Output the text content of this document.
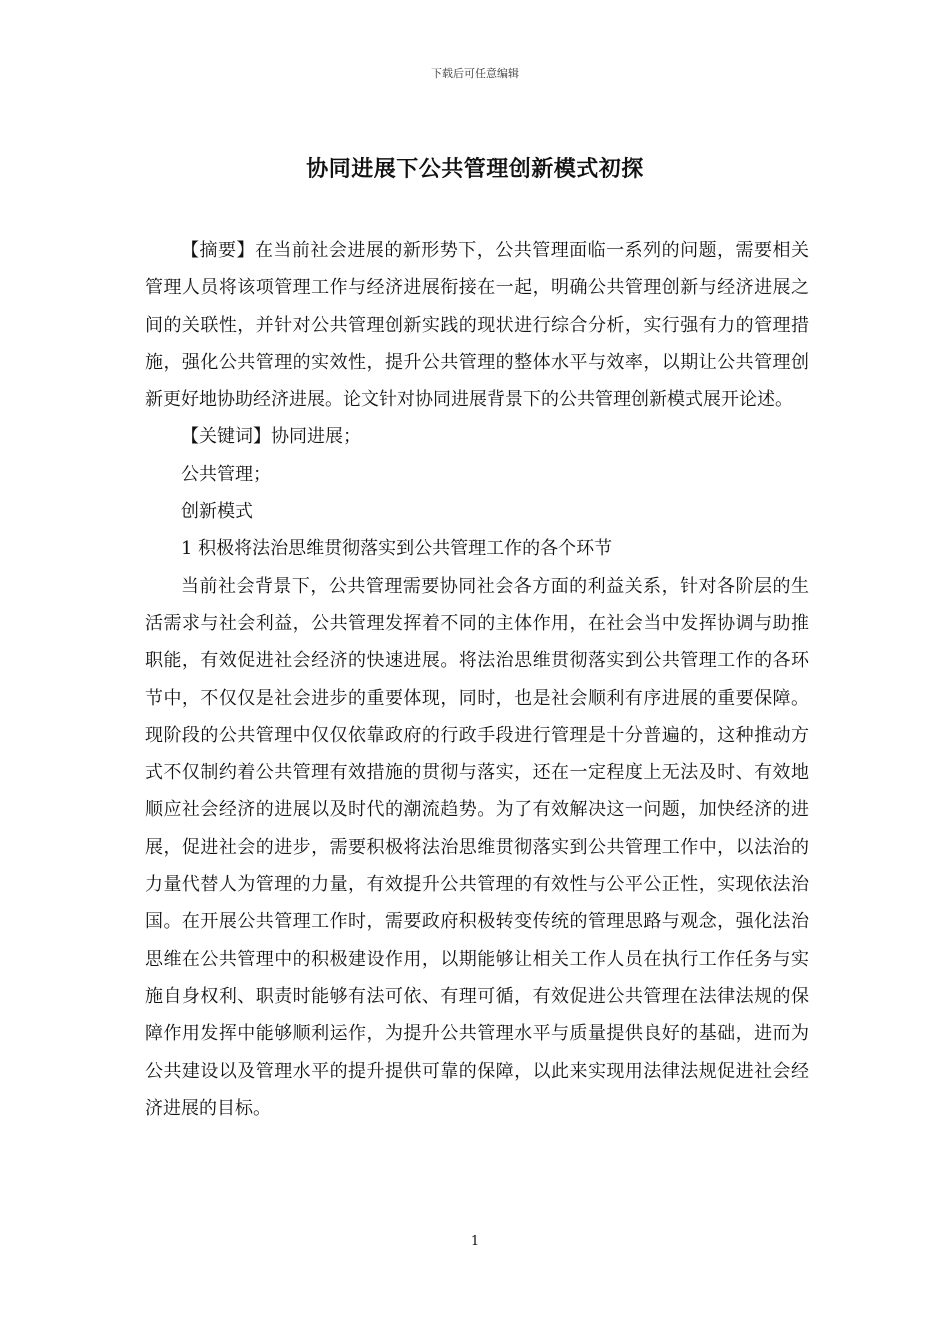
下载后可任意编辑
协同进展下公共管理创新模式初探

【摘要】在当前社会进展的新形势下，公共管理面临一系列的问题，需要相关管理人员将该项管理工作与经济进展衔接在一起，明确公共管理创新与经济进展之间的关联性，并针对公共管理创新实践的现状进行综合分析，实行强有力的管理措施，强化公共管理的实效性，提升公共管理的整体水平与效率，以期让公共管理创新更好地协助经济进展。论文针对协同进展背景下的公共管理创新模式展开论述。

【关键词】协同进展；

公共管理；

创新模式

1 积极将法治思维贯彻落实到公共管理工作的各个环节

当前社会背景下，公共管理需要协同社会各方面的利益关系，针对各阶层的生活需求与社会利益，公共管理发挥着不同的主体作用，在社会当中发挥协调与助推职能，有效促进社会经济的快速进展。将法治思维贯彻落实到公共管理工作的各环节中，不仅仅是社会进步的重要体现，同时，也是社会顺利有序进展的重要保障。现阶段的公共管理中仅仅依靠政府的行政手段进行管理是十分普遍的，这种推动方式不仅制约着公共管理有效措施的贯彻与落实，还在一定程度上无法及时、有效地顺应社会经济的进展以及时代的潮流趋势。为了有效解决这一问题，加快经济的进展，促进社会的进步，需要积极将法治思维贯彻落实到公共管理工作中，以法治的力量代替人为管理的力量，有效提升公共管理的有效性与公平公正性，实现依法治国。在开展公共管理工作时，需要政府积极转变传统的管理思路与观念，强化法治思维在公共管理中的积极建设作用，以期能够让相关工作人员在执行工作任务与实施自身权利、职责时能够有法可依、有理可循，有效促进公共管理在法律法规的保障作用发挥中能够顺利运作，为提升公共管理水平与质量提供良好的基础，进而为公共建设以及管理水平的提升提供可靠的保障，以此来实现用法律法规促进社会经济进展的目标。

1
